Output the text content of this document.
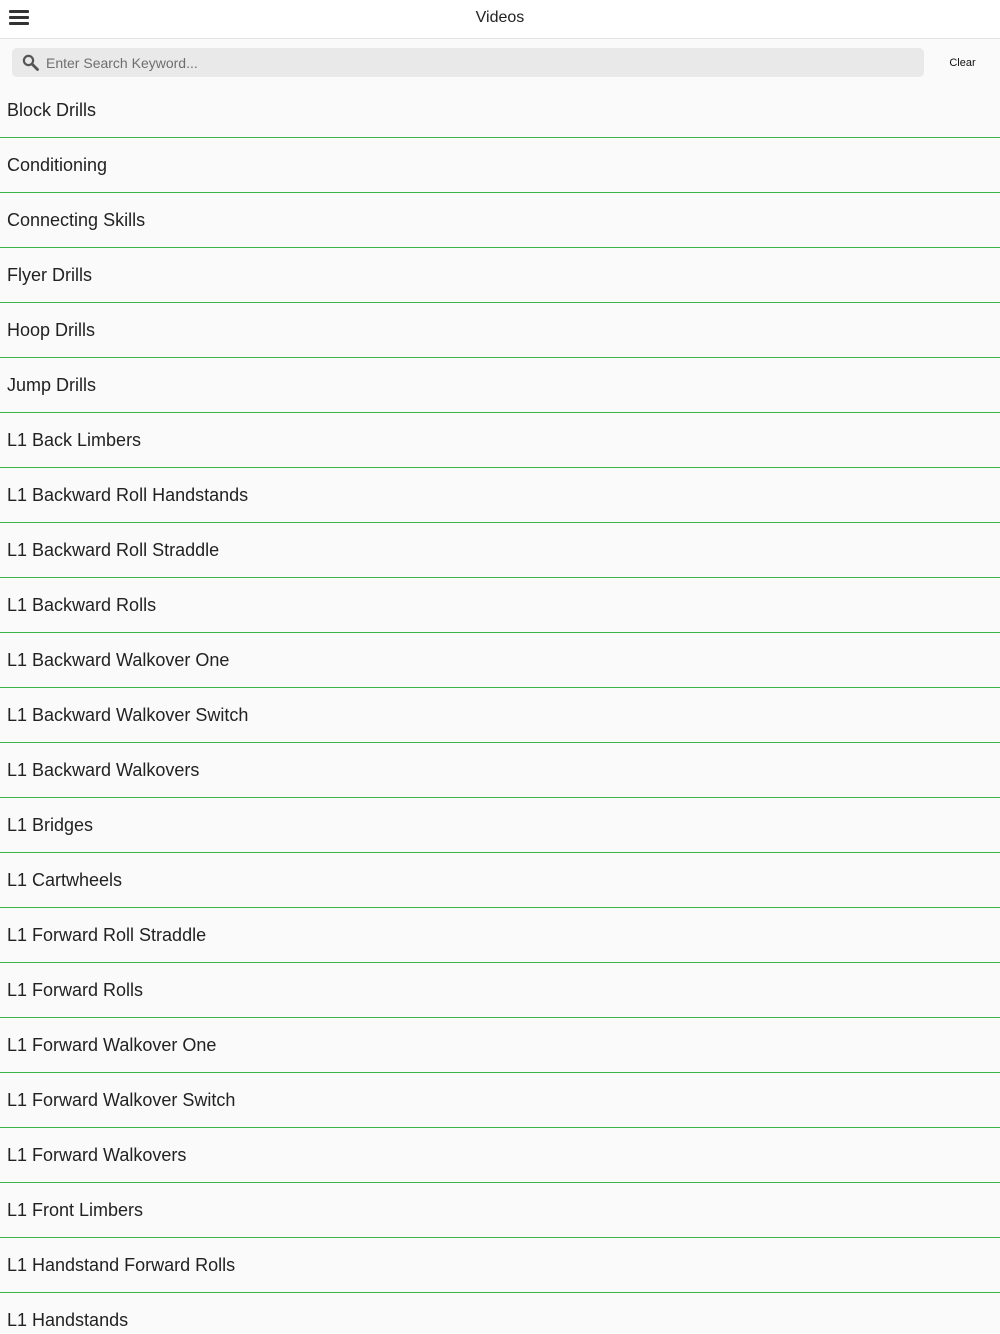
Videos
Enter Search Keyword...
Clear
Block Drills
Conditioning
Connecting Skills
Flyer Drills
Hoop Drills
Jump Drills
L1 Back Limbers
L1 Backward Roll Handstands
L1 Backward Roll Straddle
L1 Backward Rolls
L1 Backward Walkover One
L1 Backward Walkover Switch
L1 Backward Walkovers
L1 Bridges
L1 Cartwheels
L1 Forward Roll Straddle
L1 Forward Rolls
L1 Forward Walkover One
L1 Forward Walkover Switch
L1 Forward Walkovers
L1 Front Limbers
L1 Handstand Forward Rolls
L1 Handstands
